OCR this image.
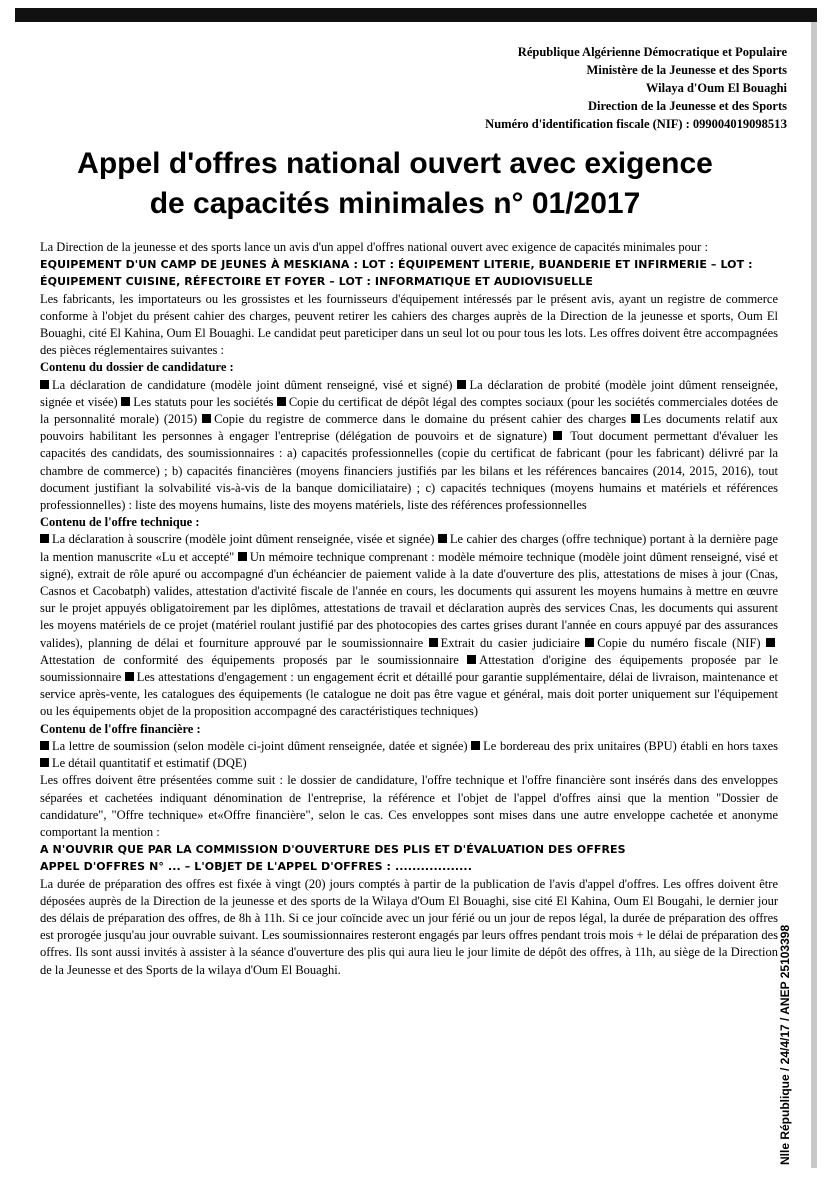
République Algérienne Démocratique et Populaire
Ministère de la Jeunesse et des Sports
Wilaya d'Oum El Bouaghi
Direction de la Jeunesse et des Sports
Numéro d'identification fiscale (NIF) : 09900401909851З
Appel d'offres national ouvert avec exigence
de capacités minimales n° 01/2017

La Direction de la jeunesse et des sports lance un avis d'un appel d'offres national ouvert avec exigence de capacités minimales pour :

EQUIPEMENT D'UN CAMP DE JEUNES À MESKIANA : LOT : ÉQUIPEMENT LITERIE, BUANDERIE ET INFIRMERIE – LOT : ÉQUIPEMENT CUISINE, RÉFECTOIRE ET FOYER – LOT : INFORMATIQUE ET AUDIOVISUELLE

Les fabricants, les importateurs ou les grossistes et les fournisseurs d'équipement intéressés par le présent avis, ayant un registre de commerce conforme à l'objet du présent cahier des charges, peuvent retirer les cahiers des charges auprès de la Direction de la jeunesse et sports, Oum El Bouaghi, cité El Kahina, Oum El Bouaghi. Le candidat peut pareticiper dans un seul lot ou pour tous les lots. Les offres doivent être accompagnées des pièces réglementaires suivantes :

Contenu du dossier de candidature :

La déclaration de candidature (modèle joint dûment renseigné, visé et signé) La déclaration de probité (modèle joint dûment renseignée, signée et visée) Les statuts pour les sociétés Copie du certificat de dépôt légal des comptes sociaux (pour les sociétés commerciales dotées de la personnalité morale) (2015) Copie du registre de commerce dans le domaine du présent cahier des charges Les documents relatif aux pouvoirs habilitant les personnes à engager l'entreprise (délégation de pouvoirs et de signature)  Tout document permettant d'évaluer les capacités des candidats, des soumissionnaires : a) capacités professionnelles (copie du certificat de fabricant (pour les fabricant) délivré par la chambre de commerce) ; b) capacités financières (moyens financiers justifiés par les bilans et les références bancaires (2014, 2015, 2016), tout document justifiant la solvabilité vis-à-vis de la banque domiciliataire) ; c) capacités techniques (moyens humains et matériels et références professionnelles) : liste des moyens humains, liste des moyens matériels, liste des références professionnelles

Contenu de l'offre technique :

La déclaration à souscrire (modèle joint dûment renseignée, visée et signée) Le cahier des charges (offre technique) portant à la dernière page la mention manuscrite «Lu et accepté" Un mémoire technique comprenant : modèle mémoire technique (modèle joint dûment renseigné, visé et signé), extrait de rôle apuré ou accompagné d'un échéancier de paiement valide à la date d'ouverture des plis, attestations de mises à jour (Cnas, Casnos et Cacobatph) valides, attestation d'activité fiscale de l'année en cours, les documents qui assurent les moyens humains à mettre en œuvre sur le projet appuyés obligatoirement par les diplômes, attestations de travail et déclaration auprès des services Cnas, les documents qui assurent les moyens matériels de ce projet (matériel roulant justifié par des photocopies des cartes grises durant l'année en cours appuyé par des assurances valides), planning de délai et fourniture approuvé par le soumissionnaire Extrait du casier judiciaire Copie du numéro fiscale (NIF) Attestation de conformité des équipements proposés par le soumissionnaire Attestation d'origine des équipements proposée par le soumissionnaire Les attestations d'engagement : un engagement écrit et détaillé pour garantie supplémentaire, délai de livraison, maintenance et service après-vente, les catalogues des équipements (le catalogue ne doit pas être vague et général, mais doit porter uniquement sur l'équipement ou les équipements objet de la proposition accompagné des caractéristiques techniques)

Contenu de l'offre financière :

La lettre de soumission (selon modèle ci-joint dûment renseignée, datée et signée) Le bordereau des prix unitaires (BPU) établi en hors taxes Le détail quantitatif et estimatif (DQE)

Les offres doivent être présentées comme suit : le dossier de candidature, l'offre technique et l'offre financière sont insérés dans des enveloppes séparées et cachetées indiquant dénomination de l'entreprise, la référence et l'objet de l'appel d'offres ainsi que la mention "Dossier de candidature", "Offre technique» et«Offre financière", selon le cas. Ces enveloppes sont mises dans une autre enveloppe cachetée et anonyme comportant la mention :

A N'OUVRIR QUE PAR LA COMMISSION D'OUVERTURE DES PLIS ET D'ÉVALUATION DES OFFRES

APPEL D'OFFRES N° ... – L'OBJET DE L'APPEL D'OFFRES : ..................

La durée de préparation des offres est fixée à vingt (20) jours comptés à partir de la publication de l'avis d'appel d'offres. Les offres doivent être déposées auprès de la Direction de la jeunesse et des sports de la Wilaya d'Oum El Bouaghi, sise cité El Kahina, Oum El Bougahi, le dernier jour des délais de préparation des offres, de 8h à 11h. Si ce jour coïncide avec un jour férié ou un jour de repos légal, la durée de préparation des offres est prorogée jusqu'au jour ouvrable suivant. Les soumissionnaires resteront engagés par leurs offres pendant trois mois + le délai de préparation des offres. Ils sont aussi invités à assister à la séance d'ouverture des plis qui aura lieu le jour limite de dépôt des offres, à 11h, au siège de la Direction de la Jeunesse et des Sports de la wilaya d'Oum El Bouaghi.	Nlle République / 24/4/17 / ANEP 25103398
